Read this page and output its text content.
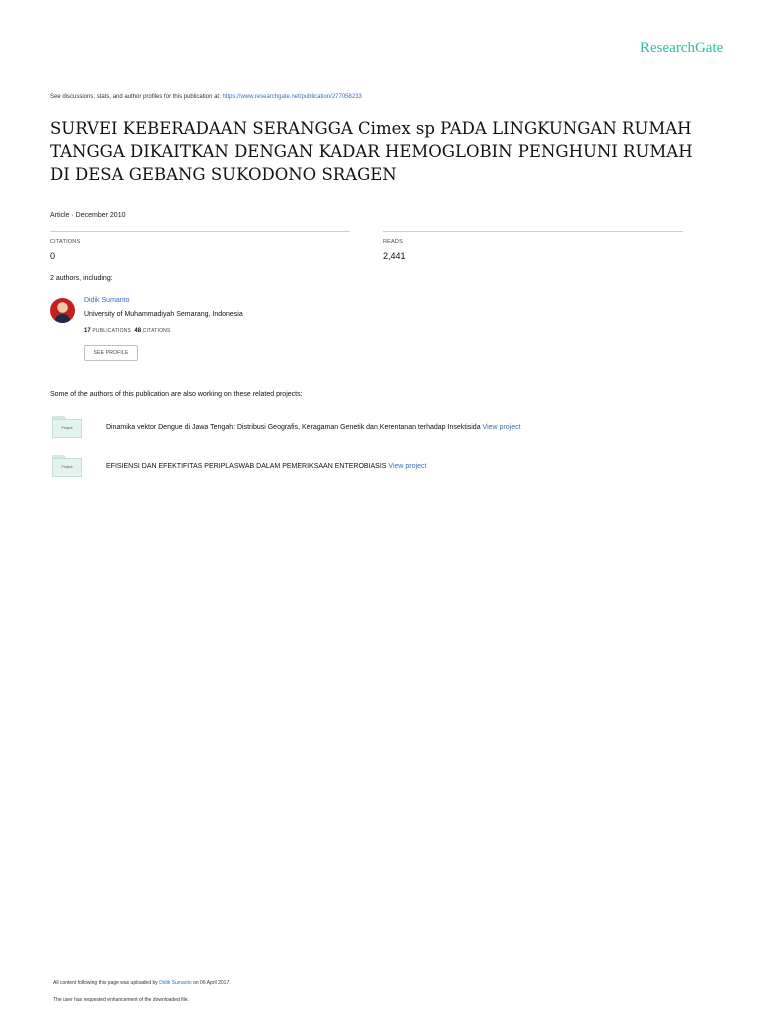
ResearchGate
See discussions, stats, and author profiles for this publication at: https://www.researchgate.net/publication/277058233
SURVEI KEBERADAAN SERANGGA Cimex sp PADA LINGKUNGAN RUMAH TANGGA DIKAITKAN DENGAN KADAR HEMOGLOBIN PENGHUNI RUMAH DI DESA GEBANG SUKODONO SRAGEN
Article · December 2010
CITATIONS
0
READS
2,441
2 authors, including:
Didik Sumanto
University of Muhammadiyah Semarang, Indonesia
17 PUBLICATIONS 48 CITATIONS
SEE PROFILE
Some of the authors of this publication are also working on these related projects:
Project	Dinamika vektor Dengue di Jawa Tengah: Distribusi Geografis, Keragaman Genetik dan Kerentanan terhadap Insektisida View project
Project	EFISIENSI DAN EFEKTIFITAS PERIPLASWAB DALAM PEMERIKSAAN ENTEROBIASIS View project
All content following this page was uploaded by Didik Sumanto on 06 April 2017.
The user has requested enhancement of the downloaded file.
